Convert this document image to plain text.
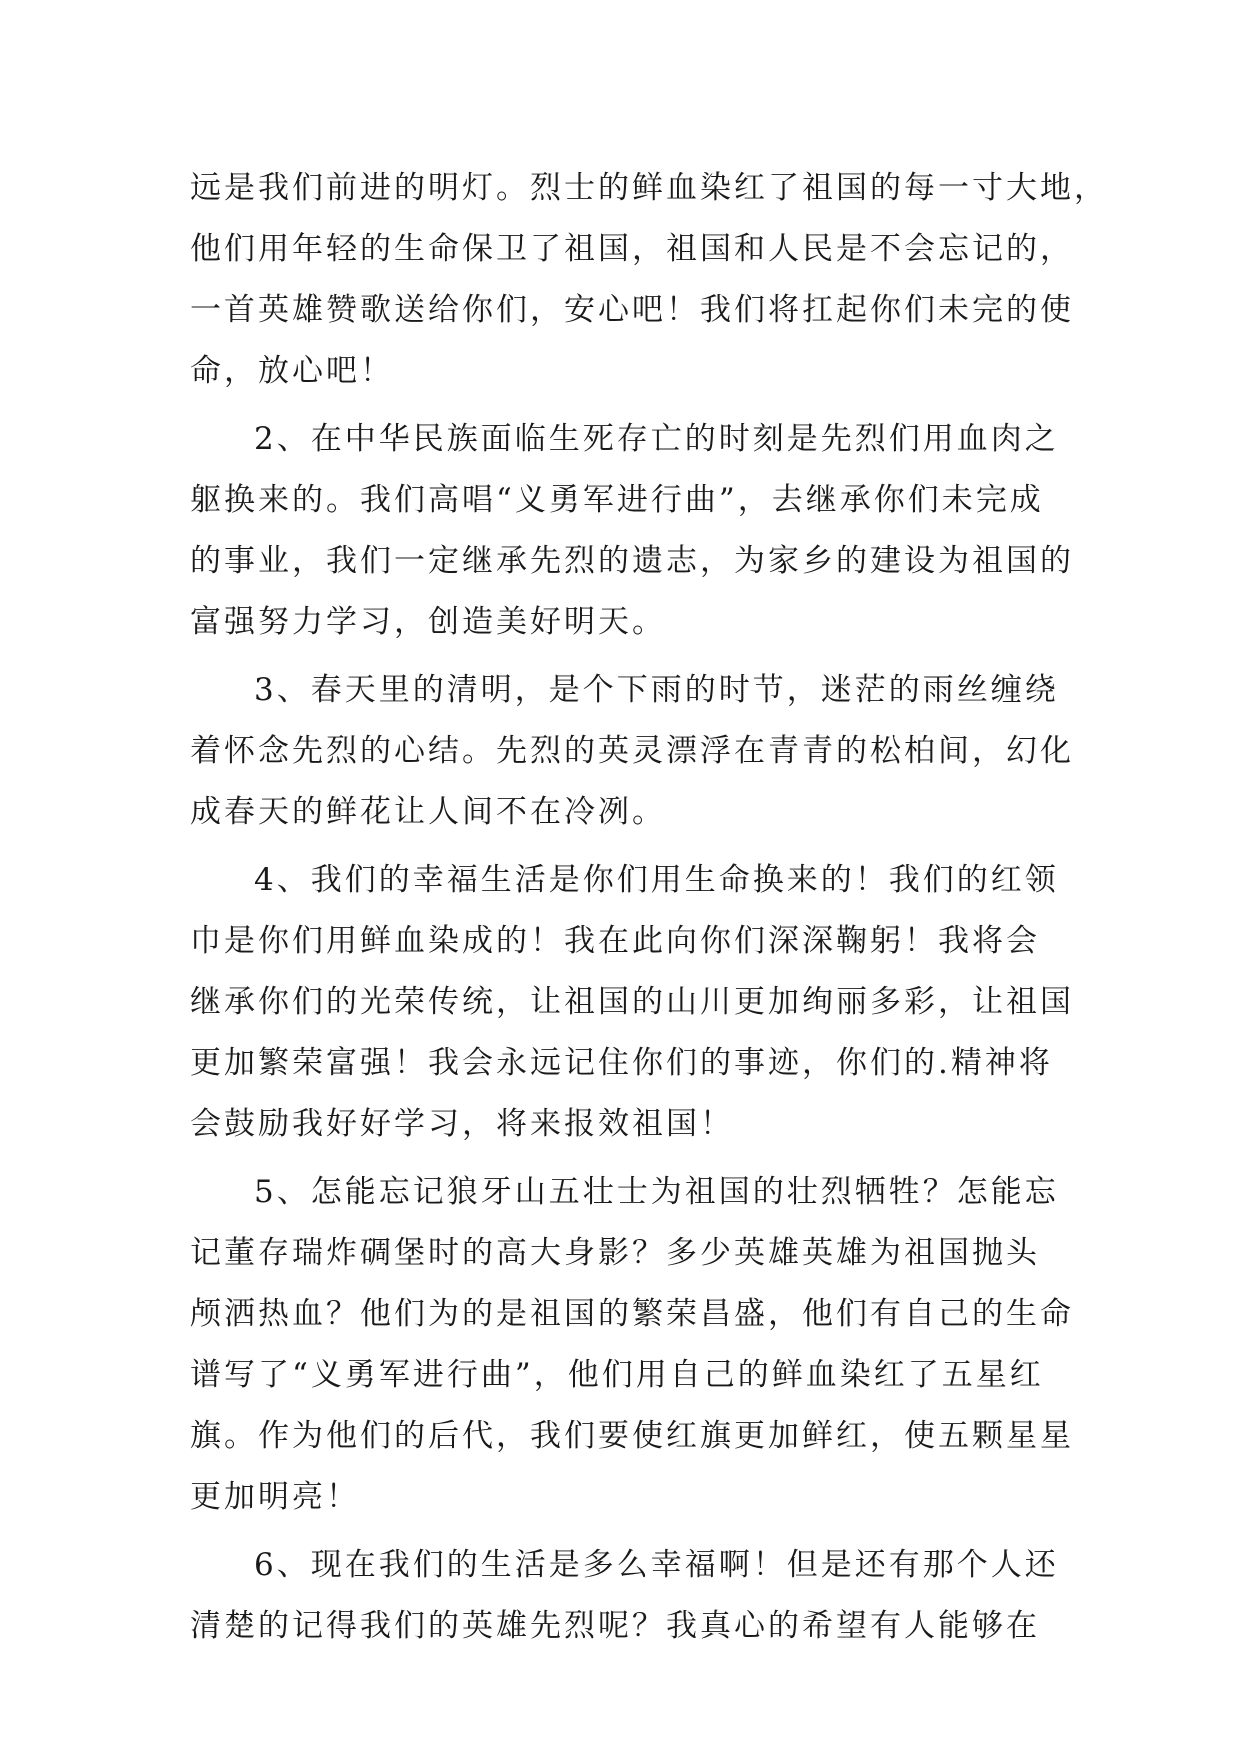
远是我们前进的明灯。烈士的鲜血染红了祖国的每一寸大地，
他们用年轻的生命保卫了祖国，祖国和人民是不会忘记的，
一首英雄赞歌送给你们，安心吧！我们将扛起你们未完的使
命，放心吧！
2、在中华民族面临生死存亡的时刻是先烈们用血肉之
躯换来的。我们高唱“义勇军进行曲”，去继承你们未完成
的事业，我们一定继承先烈的遗志，为家乡的建设为祖国的
富强努力学习，创造美好明天。
3、春天里的清明，是个下雨的时节，迷茫的雨丝缠绕
着怀念先烈的心结。先烈的英灵漂浮在青青的松柏间，幻化
成春天的鲜花让人间不在冷冽。
4、我们的幸福生活是你们用生命换来的！我们的红领
巾是你们用鲜血染成的！我在此向你们深深鞠躬！我将会
继承你们的光荣传统，让祖国的山川更加绚丽多彩，让祖国
更加繁荣富强！我会永远记住你们的事迹，你们的.精神将
会鼓励我好好学习，将来报效祖国！
5、怎能忘记狼牙山五壮士为祖国的壮烈牺牲？怎能忘
记董存瑞炸碉堡时的高大身影？多少英雄英雄为祖国抛头
颅洒热血？他们为的是祖国的繁荣昌盛，他们有自己的生命
谱写了“义勇军进行曲”，他们用自己的鲜血染红了五星红
旗。作为他们的后代，我们要使红旗更加鲜红，使五颗星星
更加明亮！
6、现在我们的生活是多么幸福啊！但是还有那个人还
清楚的记得我们的英雄先烈呢？我真心的希望有人能够在
